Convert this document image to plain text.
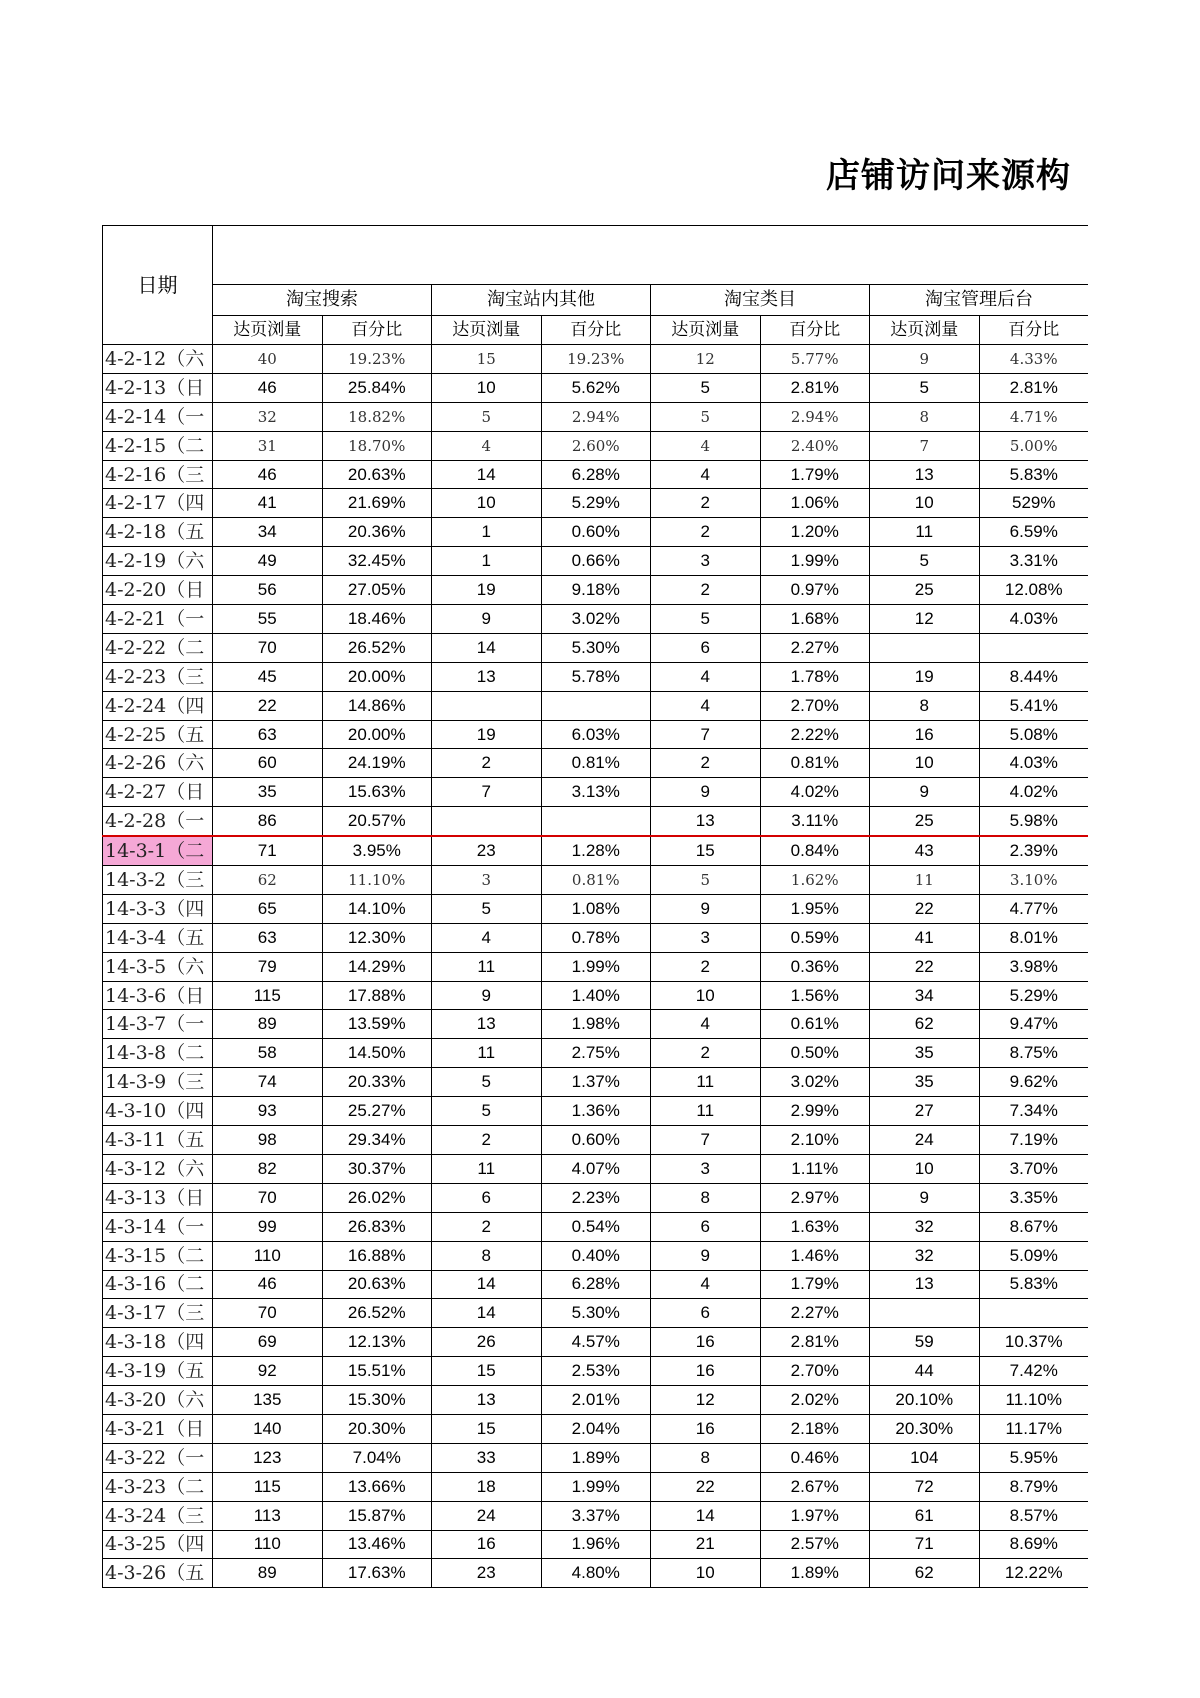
店铺访问来源构
日期								
	淘宝搜索		淘宝站内其他		淘宝类目		淘宝管理后台	
	达页浏量	百分比	达页浏量	百分比	达页浏量	百分比	达页浏量	百分比
4-2-12（六	40	19.23%	15	19.23%	12	5.77%	9	4.33%
4-2-13（日	46	25.84%	10	5.62%	5	2.81%	5	2.81%
4-2-14（一	32	18.82%	5	2.94%	5	2.94%	8	4.71%
4-2-15（二	31	18.70%	4	2.60%	4	2.40%	7	5.00%
4-2-16（三	46	20.63%	14	6.28%	4	1.79%	13	5.83%
4-2-17（四	41	21.69%	10	5.29%	2	1.06%	10	529%
4-2-18（五	34	20.36%	1	0.60%	2	1.20%	11	6.59%
4-2-19（六	49	32.45%	1	0.66%	3	1.99%	5	3.31%
4-2-20（日	56	27.05%	19	9.18%	2	0.97%	25	12.08%
4-2-21（一	55	18.46%	9	3.02%	5	1.68%	12	4.03%
4-2-22（二	70	26.52%	14	5.30%	6	2.27%		
4-2-23（三	45	20.00%	13	5.78%	4	1.78%	19	8.44%
4-2-24（四	22	14.86%			4	2.70%	8	5.41%
4-2-25（五	63	20.00%	19	6.03%	7	2.22%	16	5.08%
4-2-26（六	60	24.19%	2	0.81%	2	0.81%	10	4.03%
4-2-27（日	35	15.63%	7	3.13%	9	4.02%	9	4.02%
4-2-28（一	86	20.57%			13	3.11%	25	5.98%
14-3-1（二	71	3.95%	23	1.28%	15	0.84%	43	2.39%
14-3-2（三	62	11.10%	3	0.81%	5	1.62%	11	3.10%
14-3-3（四	65	14.10%	5	1.08%	9	1.95%	22	4.77%
14-3-4（五	63	12.30%	4	0.78%	3	0.59%	41	8.01%
14-3-5（六	79	14.29%	11	1.99%	2	0.36%	22	3.98%
14-3-6（日	115	17.88%	9	1.40%	10	1.56%	34	5.29%
14-3-7（一	89	13.59%	13	1.98%	4	0.61%	62	9.47%
14-3-8（二	58	14.50%	11	2.75%	2	0.50%	35	8.75%
14-3-9（三	74	20.33%	5	1.37%	11	3.02%	35	9.62%
4-3-10（四	93	25.27%	5	1.36%	11	2.99%	27	7.34%
4-3-11（五	98	29.34%	2	0.60%	7	2.10%	24	7.19%
4-3-12（六	82	30.37%	11	4.07%	3	1.11%	10	3.70%
4-3-13（日	70	26.02%	6	2.23%	8	2.97%	9	3.35%
4-3-14（一	99	26.83%	2	0.54%	6	1.63%	32	8.67%
4-3-15（二	110	16.88%	8	0.40%	9	1.46%	32	5.09%
4-3-16（二	46	20.63%	14	6.28%	4	1.79%	13	5.83%
4-3-17（三	70	26.52%	14	5.30%	6	2.27%		
4-3-18（四	69	12.13%	26	4.57%	16	2.81%	59	10.37%
4-3-19（五	92	15.51%	15	2.53%	16	2.70%	44	7.42%
4-3-20（六	135	15.30%	13	2.01%	12	2.02%	20.10%	11.10%
4-3-21（日	140	20.30%	15	2.04%	16	2.18%	20.30%	11.17%
4-3-22（一	123	7.04%	33	1.89%	8	0.46%	104	5.95%
4-3-23（二	115	13.66%	18	1.99%	22	2.67%	72	8.79%
4-3-24（三	113	15.87%	24	3.37%	14	1.97%	61	8.57%
4-3-25（四	110	13.46%	16	1.96%	21	2.57%	71	8.69%
4-3-26（五	89	17.63%	23	4.80%	10	1.89%	62	12.22%
